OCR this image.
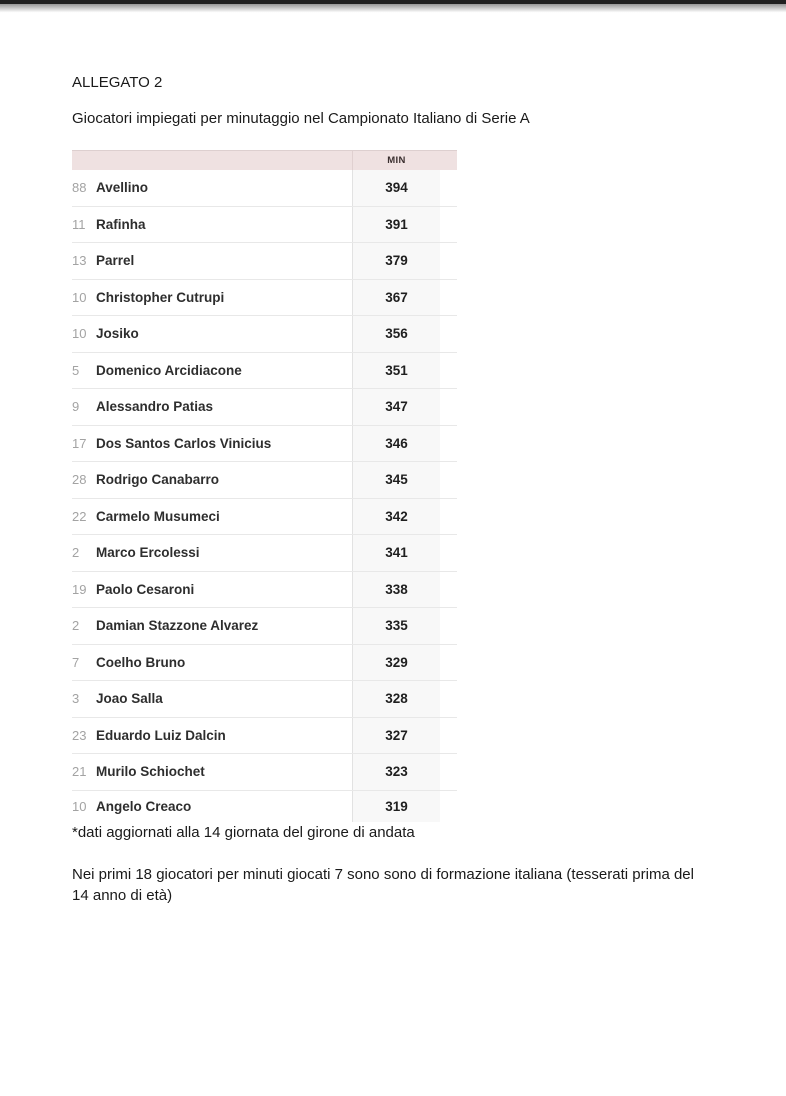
ALLEGATO 2
Giocatori impiegati per minutaggio nel Campionato Italiano di Serie A
MIN
88 Avellino	394
11 Rafinha	391
13 Parrel	379
10 Christopher Cutrupi	367
10 Josiko	356
5	Domenico Arcidiacone	351
9	Alessandro Patias	347
17 Dos Santos Carlos Vinicius	346
28 Rodrigo Canabarro	345
22 Carmelo Musumeci	342
2	Marco Ercolessi	341
19 Paolo Cesaroni	338
2	Damian Stazzone Alvarez	335
7	Coelho Bruno	329
3	Joao Salla	328
23 Eduardo Luiz Dalcin	327
21 Murilo Schiochet	323
10 Angelo Creaco	319
*dati aggiornati alla 14 giornata del girone di andata
Nei primi 18 giocatori per minuti giocati 7 sono sono di formazione italiana (tesserati prima del 14 anno di età)
